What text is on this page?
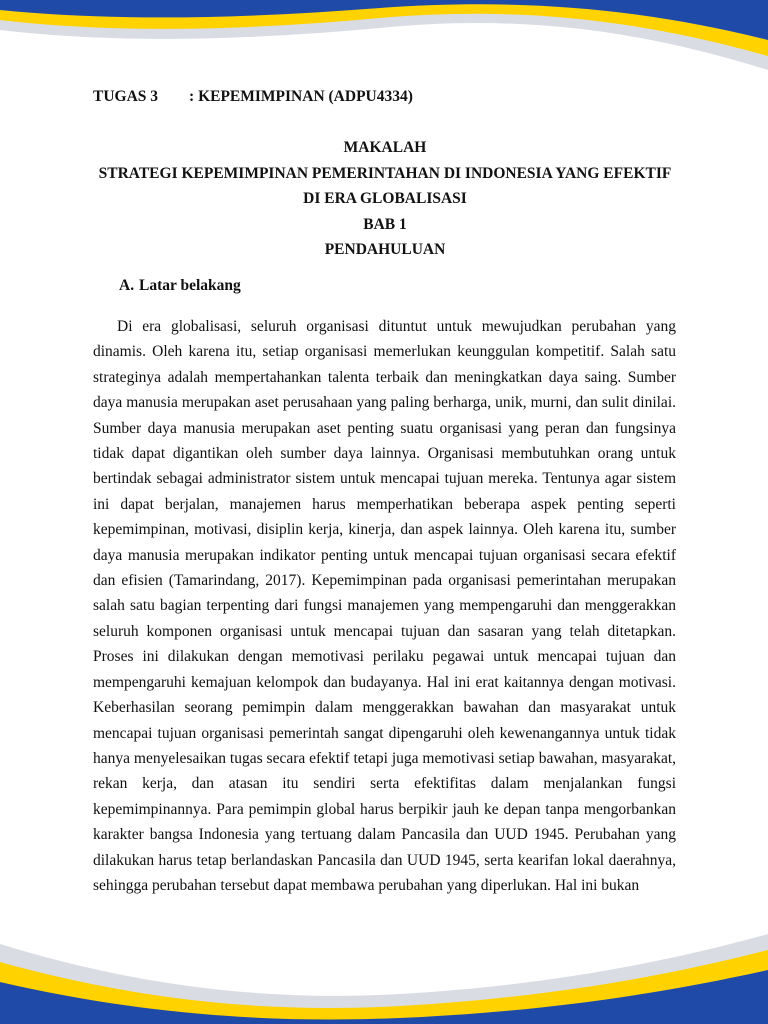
TUGAS 3 : KEPEMIMPINAN (ADPU4334)
MAKALAH
STRATEGI KEPEMIMPINAN PEMERINTAHAN DI INDONESIA YANG EFEKTIF
DI ERA GLOBALISASI
BAB 1
PENDAHULUAN
A. Latar belakang

Di era globalisasi, seluruh organisasi dituntut untuk mewujudkan perubahan yang dinamis. Oleh karena itu, setiap organisasi memerlukan keunggulan kompetitif. Salah satu strateginya adalah mempertahankan talenta terbaik dan meningkatkan daya saing. Sumber daya manusia merupakan aset perusahaan yang paling berharga, unik, murni, dan sulit dinilai. Sumber daya manusia merupakan aset penting suatu organisasi yang peran dan fungsinya tidak dapat digantikan oleh sumber daya lainnya. Organisasi membutuhkan orang untuk bertindak sebagai administrator sistem untuk mencapai tujuan mereka. Tentunya agar sistem ini dapat berjalan, manajemen harus memperhatikan beberapa aspek penting seperti kepemimpinan, motivasi, disiplin kerja, kinerja, dan aspek lainnya. Oleh karena itu, sumber daya manusia merupakan indikator penting untuk mencapai tujuan organisasi secara efektif dan efisien (Tamarindang, 2017). Kepemimpinan pada organisasi pemerintahan merupakan salah satu bagian terpenting dari fungsi manajemen yang mempengaruhi dan menggerakkan seluruh komponen organisasi untuk mencapai tujuan dan sasaran yang telah ditetapkan. Proses ini dilakukan dengan memotivasi perilaku pegawai untuk mencapai tujuan dan mempengaruhi kemajuan kelompok dan budayanya. Hal ini erat kaitannya dengan motivasi. Keberhasilan seorang pemimpin dalam menggerakkan bawahan dan masyarakat untuk mencapai tujuan organisasi pemerintah sangat dipengaruhi oleh kewenangannya untuk tidak hanya menyelesaikan tugas secara efektif tetapi juga memotivasi setiap bawahan, masyarakat, rekan kerja, dan atasan itu sendiri serta efektifitas dalam menjalankan fungsi kepemimpinannya. Para pemimpin global harus berpikir jauh ke depan tanpa mengorbankan karakter bangsa Indonesia yang tertuang dalam Pancasila dan UUD 1945. Perubahan yang dilakukan harus tetap berlandaskan Pancasila dan UUD 1945, serta kearifan lokal daerahnya, sehingga perubahan tersebut dapat membawa perubahan yang diperlukan. Hal ini bukan
